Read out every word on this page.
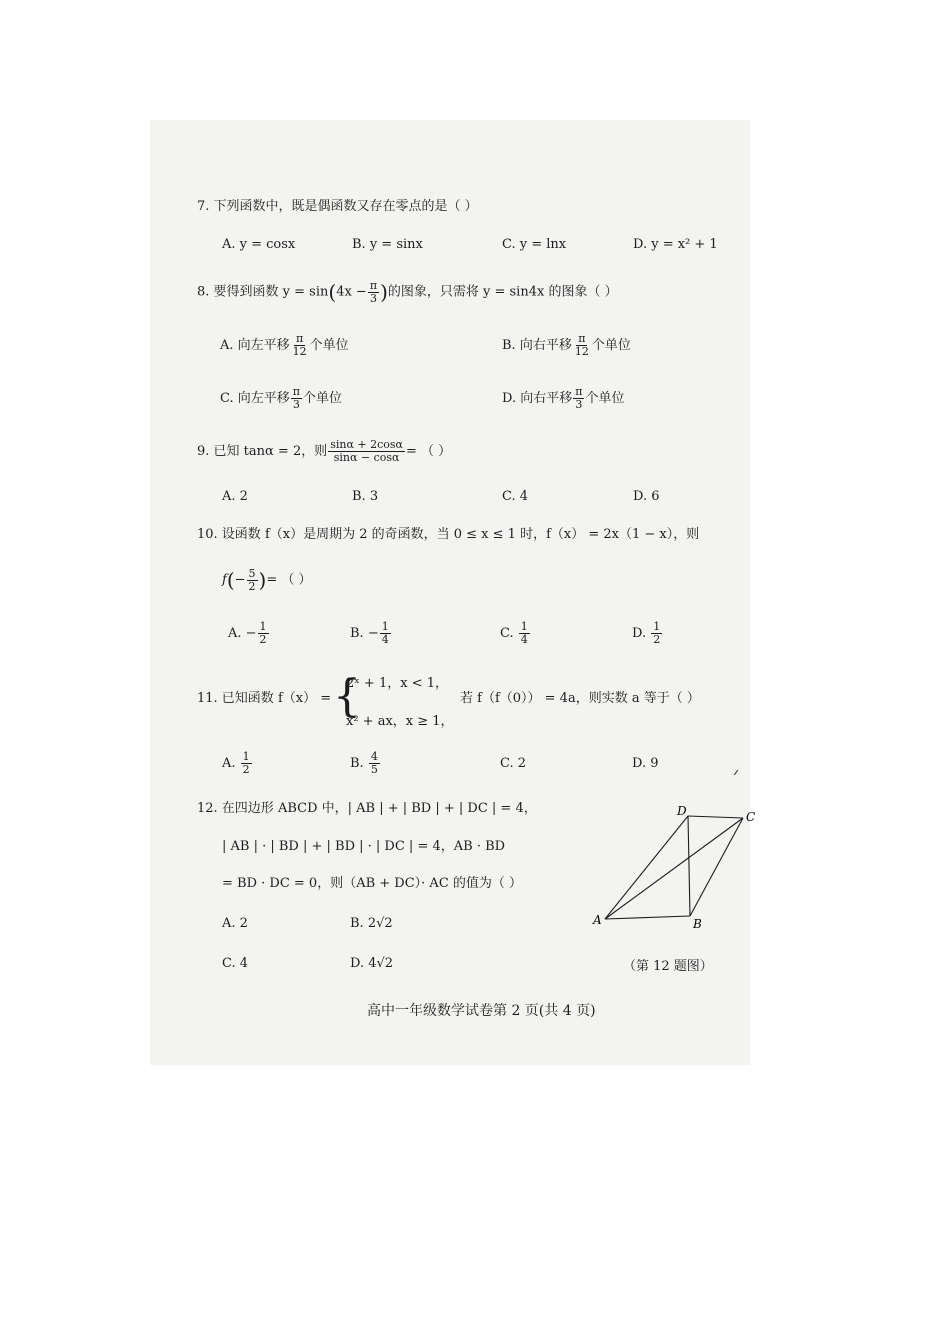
7. 下列函数中，既是偶函数又存在零点的是（ ）
A. y = cosx	B. y = sinx	C. y = lnx	D. y = x² + 1
8. 要得到函数 $y = \sin(4x - \frac{\pi}{3}$ )的图象，只需将 y = sin4x 的图象（ ）
A. 向左平移 $\frac{\pi}{12}$ 个单位	B. 向右平移 $\frac{\pi}{12}$ 个单位
C. 向左平移 $\frac{\pi}{3}$ 个单位	D. 向右平移 $\frac{\pi}{3}$ 个单位
9. 已知 tanα = 2，则 $\frac{\sin\alpha + 2\cos\alpha}{\sin\alpha - \cos\alpha}$ = （ ）
A. 2	B. 3	C. 4	D. 6
10. 设函数 f（x）是周期为 2 的奇函数，当 0 ≤ x ≤ 1 时，f（x） = 2x（1 − x），则
$f(- \frac{5}{2}$ )= （ ）
A. − $\frac{1}{2}$	B. − $\frac{1}{4}$	C. $\frac{1}{4}$	D. $\frac{1}{2}$
11. 已知函数 f（x） = {
2ˣ + 1，x < 1，
x² + ax，x ≥ 1，
若 f（f（0）） = 4a，则实数 a 等于（ ）
A. $\frac{1}{2}$	B. $\frac{4}{5}$	C. 2	D. 9
12. 在四边形 ABCD 中，| AB | + | BD | + | DC | = 4，
| AB | · | BD | + | BD | · | DC | = 4，AB · BD
= BD · DC = 0，则（AB + DC）· AC 的值为（ ）
A. 2	B. 2√2
C. 4	D. 4√2
A	B
C
D
（第 12 题图）
高中一年级数学试卷第 2 页(共 4 页)
